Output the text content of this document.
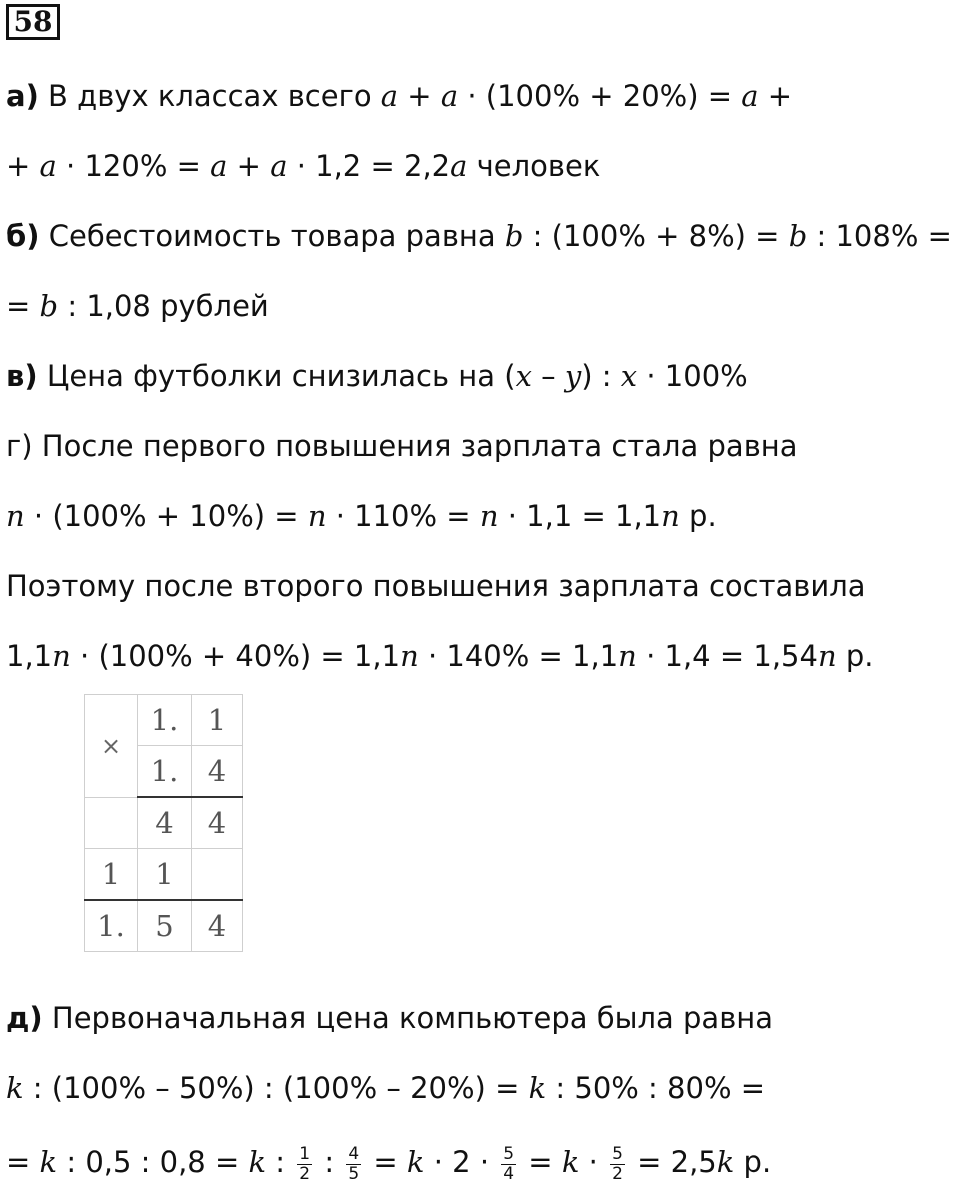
58
а) В двух классах всего a + a · (100% + 20%) = a +
+ a · 120% = a + a · 1,2 = 2,2a человек
б) Себестоимость товара равна b : (100% + 8%) = b : 108% =
= b : 1,08 рублей
в) Цена футболки снизилась на (x – y) : x · 100%
г) После первого повышения зарплата стала равна
n · (100% + 10%) = n · 110% = n · 1,1 = 1,1n р.
Поэтому после второго повышения зарплата составила
1,1n · (100% + 40%) = 1,1n · 140% = 1,1n · 1,4 = 1,54n р.
×	1.	1
	1.	4
	4	4
1	1	
1.	5	4
д) Первоначальная цена компьютера была равна
k : (100% – 50%) : (100% – 20%) = k : 50% : 80% =
= k : 0,5 : 0,8 = k : $\frac{1}{2}$ : $\frac{4}{5} = k \cdot 2 \cdot \frac{5}{4} = k \cdot \frac{5}{2} = 2,5k$ р.
